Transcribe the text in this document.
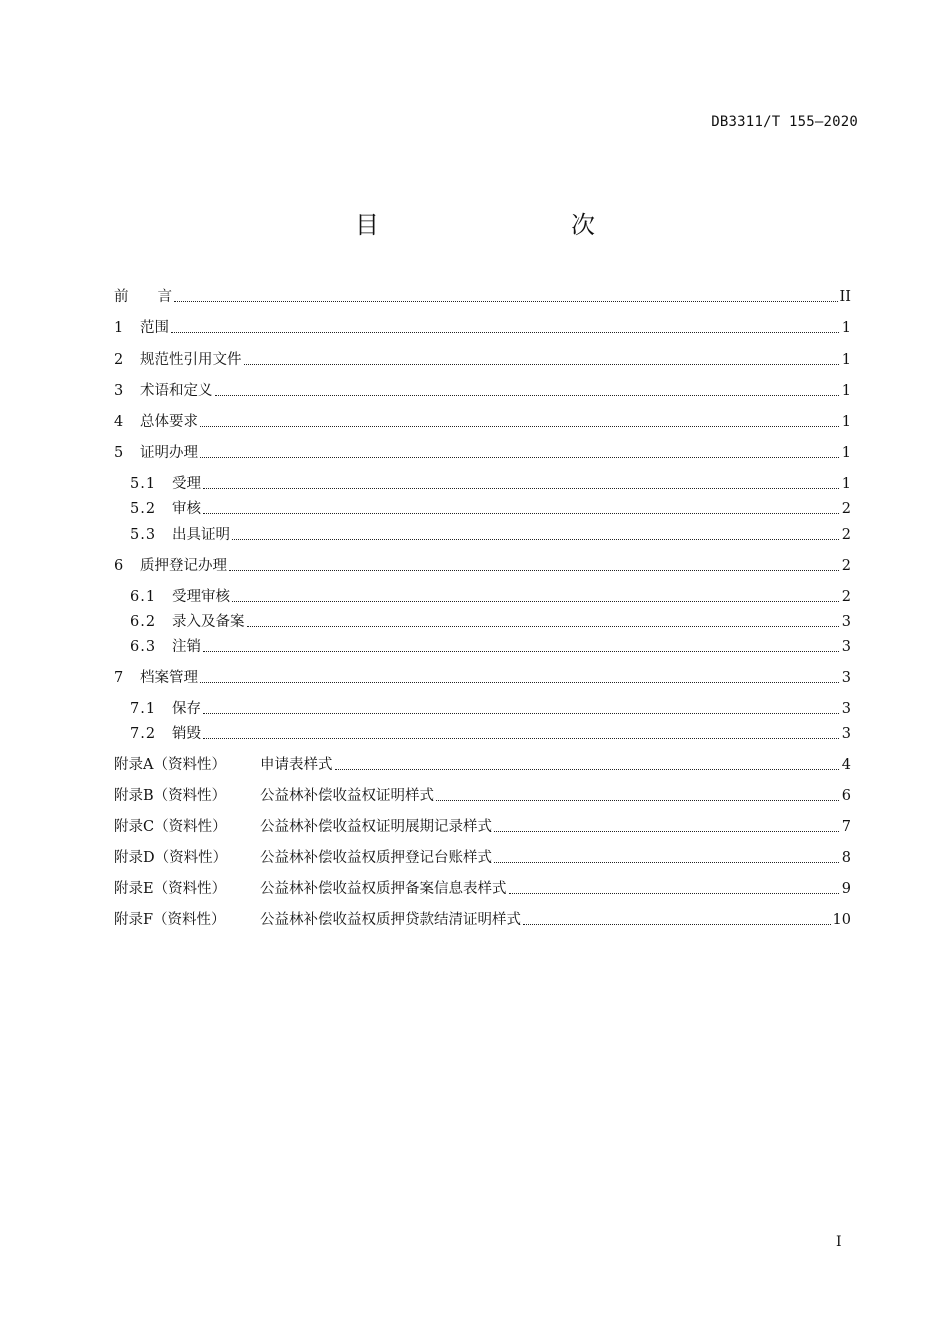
DB3311/T 155—2020
目　　次
前　　言	II
1	范围	1
2	规范性引用文件	1
3	术语和定义	1
4	总体要求	1
5	证明办理	1
5.1	受理	1
5.2	审核	2
5.3	出具证明	2
6	质押登记办理	2
6.1	受理审核	2
6.2	录入及备案	3
6.3	注销	3
7	档案管理	3
7.1	保存	3
7.2	销毁	3
附录A（资料性）	申请表样式	4
附录B（资料性）	公益林补偿收益权证明样式	6
附录C（资料性）	公益林补偿收益权证明展期记录样式	7
附录D（资料性）	公益林补偿收益权质押登记台账样式	8
附录E（资料性）	公益林补偿收益权质押备案信息表样式	9
附录F（资料性）	公益林补偿收益权质押贷款结清证明样式	10
I
